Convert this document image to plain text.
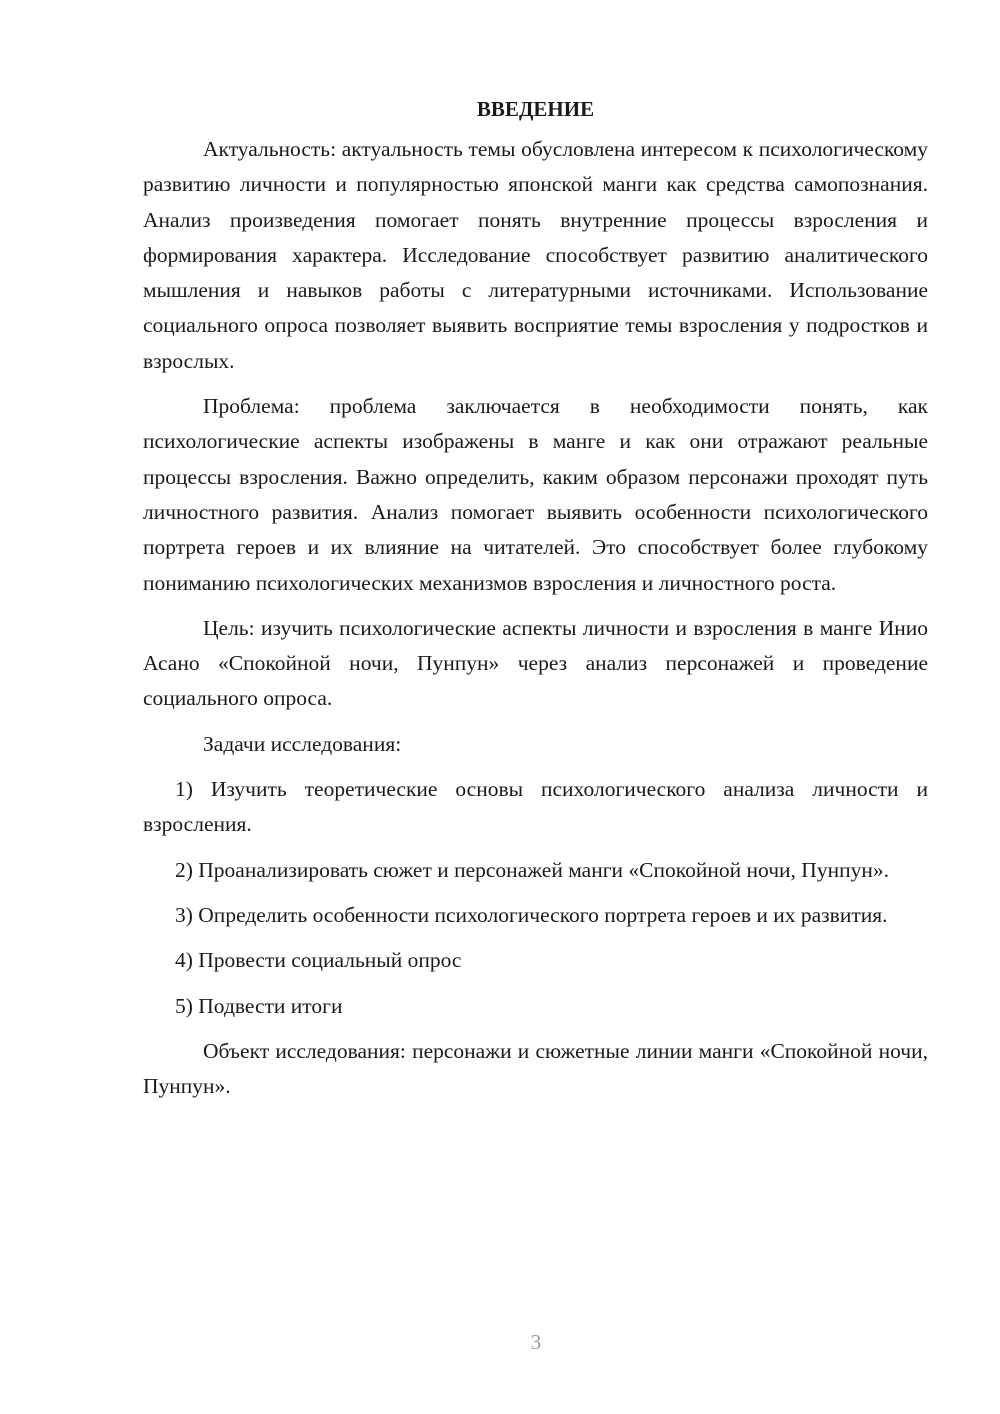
ВВЕДЕНИЕ

Актуальность: актуальность темы обусловлена интересом к психологическому развитию личности и популярностью японской манги как средства самопознания. Анализ произведения помогает понять внутренние процессы взросления и формирования характера. Исследование способствует развитию аналитического мышления и навыков работы с литературными источниками. Использование социального опроса позволяет выявить восприятие темы взросления у подростков и взрослых.

Проблема: проблема заключается в необходимости понять, как психологические аспекты изображены в манге и как они отражают реальные процессы взросления. Важно определить, каким образом персонажи проходят путь личностного развития. Анализ помогает выявить особенности психологического портрета героев и их влияние на читателей. Это способствует более глубокому пониманию психологических механизмов взросления и личностного роста.

Цель: изучить психологические аспекты личности и взросления в манге Инио Асано «Спокойной ночи, Пунпун» через анализ персонажей и проведение социального опроса.

Задачи исследования:

1) Изучить теоретические основы психологического анализа личности и взросления.

2) Проанализировать сюжет и персонажей манги «Спокойной ночи, Пунпун».

3) Определить особенности психологического портрета героев и их развития.

4) Провести социальный опрос

5) Подвести итоги

Объект исследования: персонажи и сюжетные линии манги «Спокойной ночи, Пунпун».

3
